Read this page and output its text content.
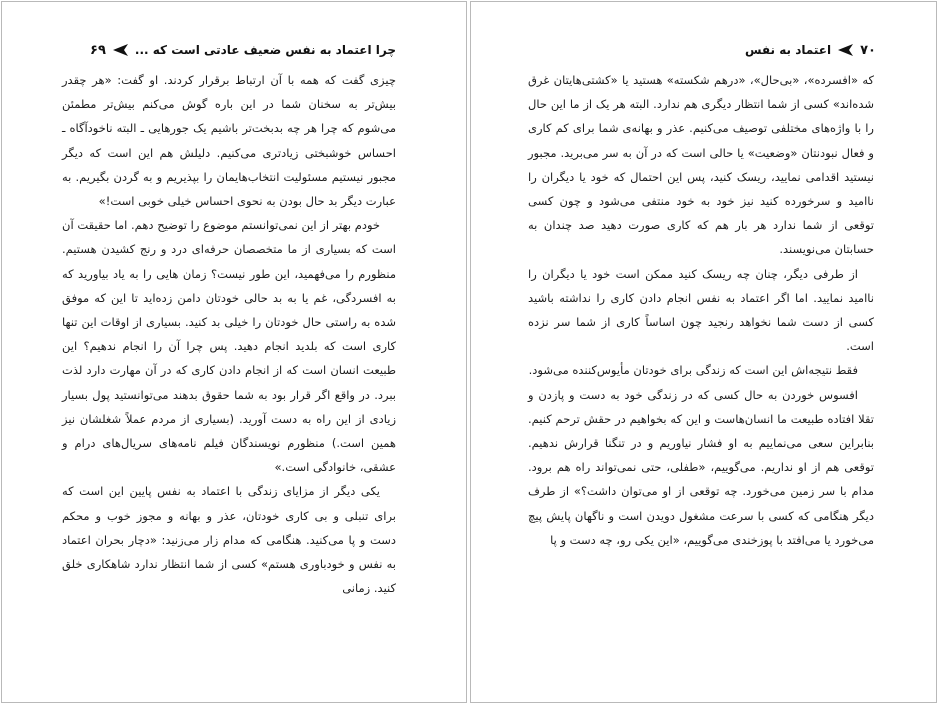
چرا اعتماد به نفس ضعیف عادتی است که ...
۶۹

چیزی گفت که همه با آن ارتباط برقرار کردند. او گفت: «هر چقدر بیش‌تر به سخنان شما در این باره گوش می‌کنم بیش‌تر مطمئن می‌شوم که چرا هر چه بدبخت‌تر باشیم یک جورهایی ـ البته ناخودآگاه ـ احساس خوشبختی زیادتری می‌کنیم. دلیلش هم این است که دیگر مجبور نیستیم مسئولیت انتخاب‌هایمان را بپذیریم و به گردن بگیریم. به عبارت دیگر بد حال بودن به نحوی احساس خیلی خوبی است!»

خودم بهتر از این نمی‌توانستم موضوع را توضیح دهم. اما حقیقت آن است که بسیاری از ما متخصصان حرفه‌ای درد و رنج کشیدن هستیم. منظورم را می‌فهمید، این طور نیست؟ زمان هایی را به یاد بیاورید که به افسردگی، غم یا به بد حالی خودتان دامن زده‌اید تا این که موفق شده به راستی حال خودتان را خیلی بد کنید. بسیاری از اوقات این تنها کاری است که بلدید انجام دهید. پس چرا آن را انجام ندهیم؟ این طبیعت انسان است که از انجام دادن کاری که در آن مهارت دارد لذت ببرد. در واقع اگر قرار بود به شما حقوق بدهند می‌توانستید پول بسیار زیادی از این راه به دست آورید. (بسیاری از مردم عملاً شغلشان نیز همین است.) منظورم نویسندگان فیلم نامه‌های سریال‌های درام و عشقی، خانوادگی است.»

یکی دیگر از مزایای زندگی با اعتماد به نفس پایین این است که برای تنبلی و بی کاری خودتان، عذر و بهانه و مجوز خوب و محکم دست و پا می‌کنید. هنگامی که مدام زار می‌زنید: «دچار بحران اعتماد به نفس و خودباوری هستم» کسی از شما انتظار ندارد شاهکاری خلق کنید. زمانی

۷۰
اعتماد به نفس

که «افسرده»، «بی‌حال»، «درهم شکسته» هستید یا «کشتی‌هایتان غرق شده‌اند» کسی از شما انتظار دیگری هم ندارد. البته هر یک از ما این حال را با واژه‌های مختلفی توصیف می‌کنیم. عذر و بهانه‌ی شما برای کم کاری و فعال نبودنتان «وضعیت» یا حالی است که در آن به سر می‌برید. مجبور نیستید اقدامی نمایید، ریسک کنید، پس این احتمال که خود یا دیگران را ناامید و سرخورده کنید نیز خود به خود منتفی می‌شود و چون کسی توقعی از شما ندارد هر بار هم که کاری صورت دهید صد چندان به حسابتان می‌نویسند.

از طرفی دیگر، چنان چه ریسک کنید ممکن است خود یا دیگران را ناامید نمایید. اما اگر اعتماد به نفس انجام دادن کاری را نداشته باشید کسی از دست شما نخواهد رنجید چون اساساً کاری از شما سر نزده است.

فقط نتیجه‌اش این است که زندگی برای خودتان مأیوس‌کننده می‌شود.

افسوس خوردن به حال کسی که در زندگی خود به دست و پازدن و تقلا افتاده طبیعت ما انسان‌هاست و این که بخواهیم در حقش ترحم کنیم. بنابراین سعی می‌نماییم به او فشار نیاوریم و در تنگنا قرارش ندهیم. توقعی هم از او نداریم. می‌گوییم، «طفلی، حتی نمی‌تواند راه هم برود. مدام با سر زمین می‌خورد. چه توقعی از او می‌توان داشت؟» از طرف دیگر هنگامی که کسی با سرعت مشغول دویدن است و ناگهان پایش پیچ می‌خورد یا می‌افتد با پوزخندی می‌گوییم، «این یکی رو، چه دست و پا
